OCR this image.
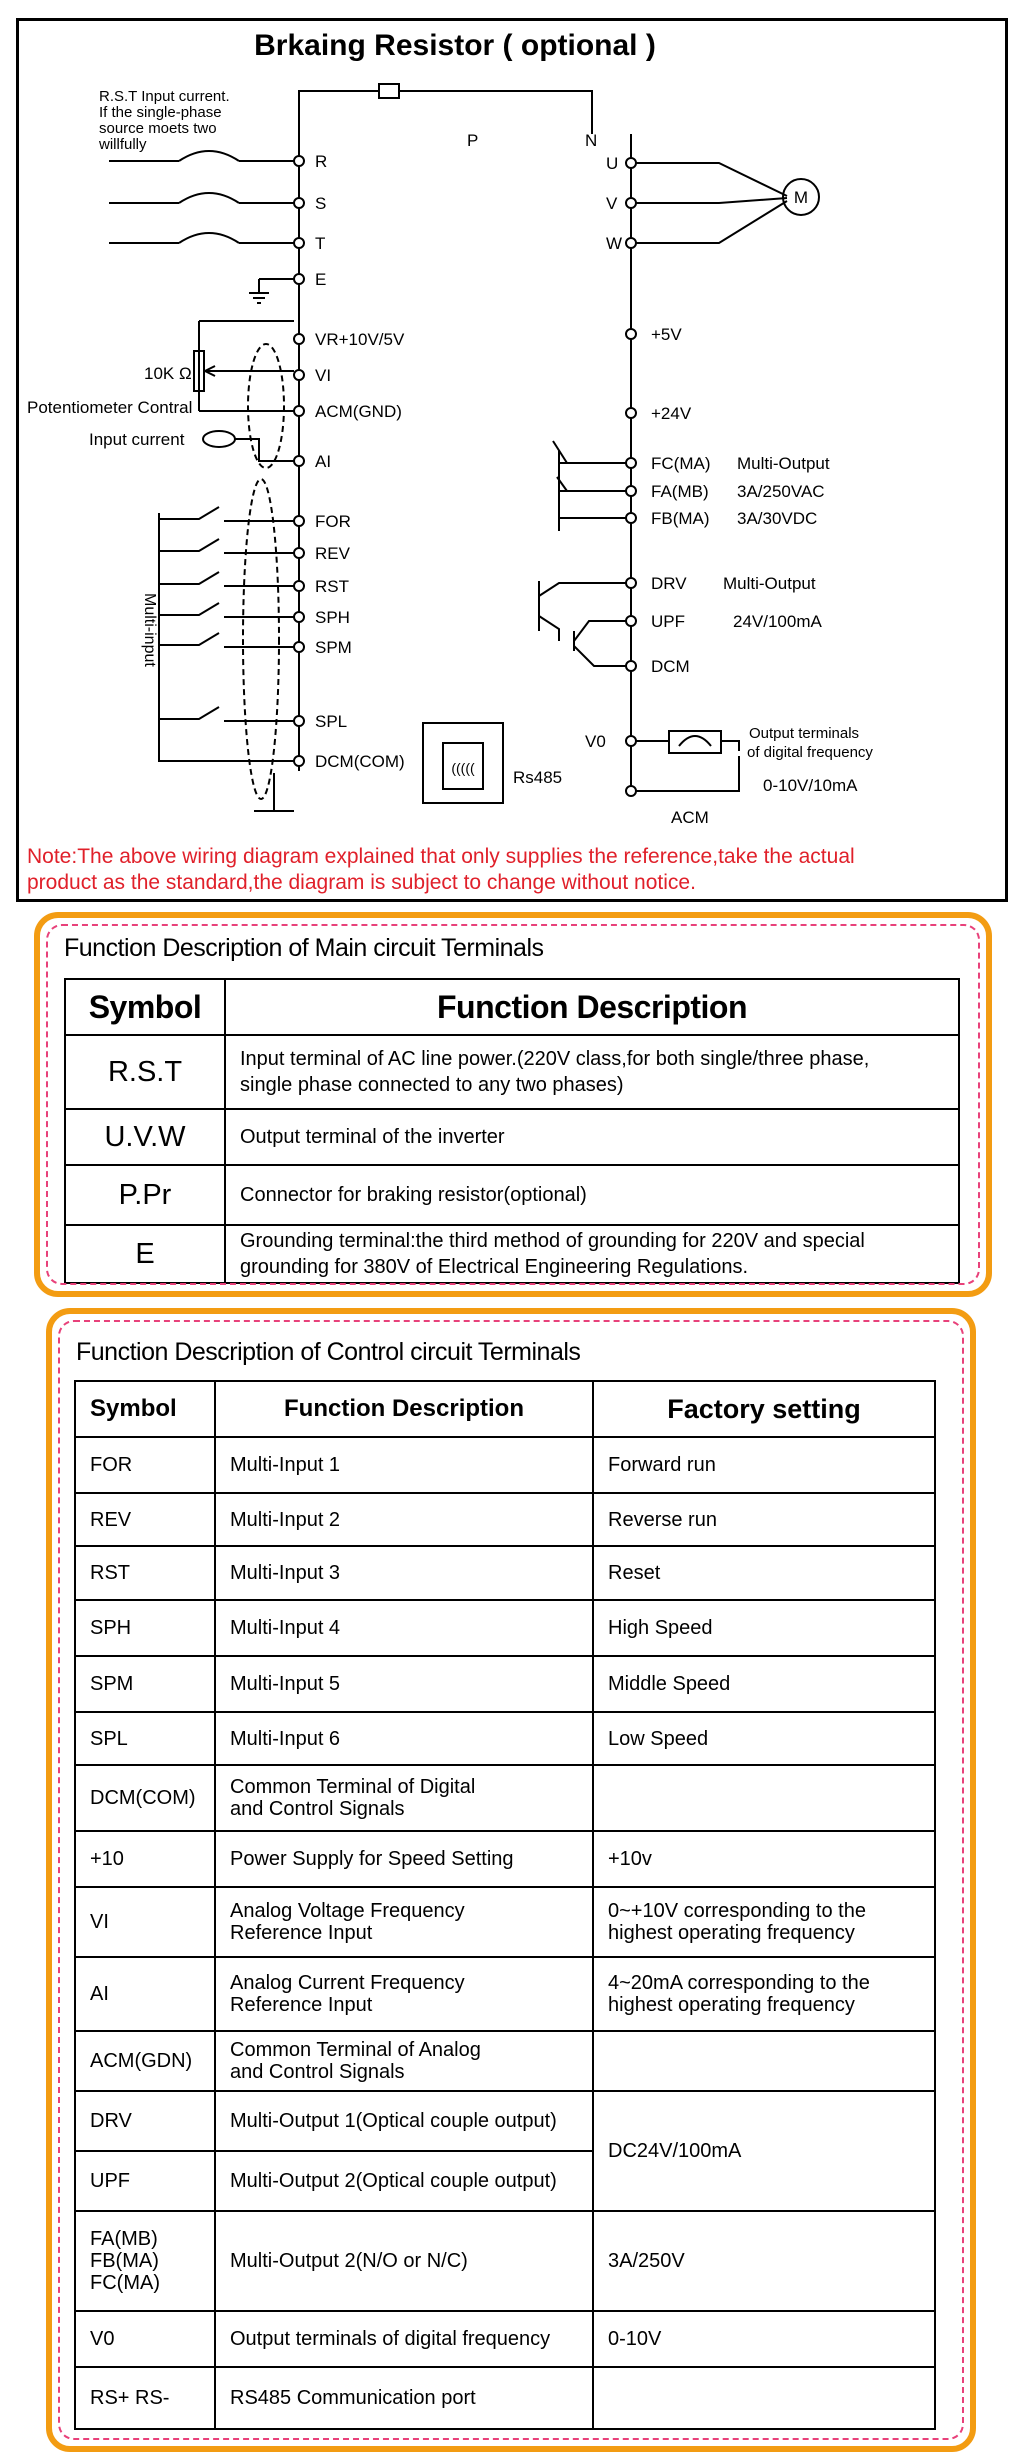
Brkaing Resistor ( optional )
R.S.T Input current.
If the single-phase
source moets two
willfully
R
S
T
E
VR+10V/5V
VI
ACM(GND)
AI
FOR
REV
RST
SPH
SPM
SPL
DCM(COM)
10K Ω
Potentiometer Contral
Input current
Multi-input
P	N
U
V
W
M
+5V
+24V
FC(MA)
FA(MB)
FB(MA)
Multi-Output
3A/250VAC
3A/30VDC
DRV
UPF
DCM
Multi-Output
24V/100mA
Rs485
(((((
V0
ACM
Output terminals
of digital frequency
0-10V/10mA
Note:The above wiring diagram explained that only supplies the reference,take the actual
product as the standard,the diagram is subject to change without notice.
Function Description of Main circuit Terminals
Symbol	Function Description
R.S.T	Input terminal of AC line power.(220V class,for both single/three phase,
single phase connected to any two phases)
U.V.W	Output terminal of the inverter
P.Pr	Connector for braking resistor(optional)
E	Grounding terminal:the third method of grounding for 220V and special
grounding for 380V of Electrical Engineering Regulations.
Function Description of Control circuit Terminals
Symbol	Function Description	Factory setting
FOR	Multi-Input 1	Forward run
REV	Multi-Input 2	Reverse run
RST	Multi-Input 3	Reset
SPH	Multi-Input 4	High Speed
SPM	Multi-Input 5	Middle Speed
SPL	Multi-Input 6	Low Speed
DCM(COM)	Common Terminal of Digital
and Control Signals	
+10	Power Supply for Speed Setting	+10v
VI	Analog Voltage Frequency
Reference Input	0~+10V corresponding to the
highest operating frequency
AI	Analog Current Frequency
Reference Input	4~20mA corresponding to the
highest operating frequency
ACM(GDN)	Common Terminal of Analog
and Control Signals	
DRV	Multi-Output 1(Optical couple output)	DC24V/100mA
UPF	Multi-Output 2(Optical couple output)	
FA(MB)
FB(MA)
FC(MA)	Multi-Output 2(N/O or N/C)	3A/250V
V0	Output terminals of digital frequency	0-10V
RS+ RS-	RS485 Communication port	
